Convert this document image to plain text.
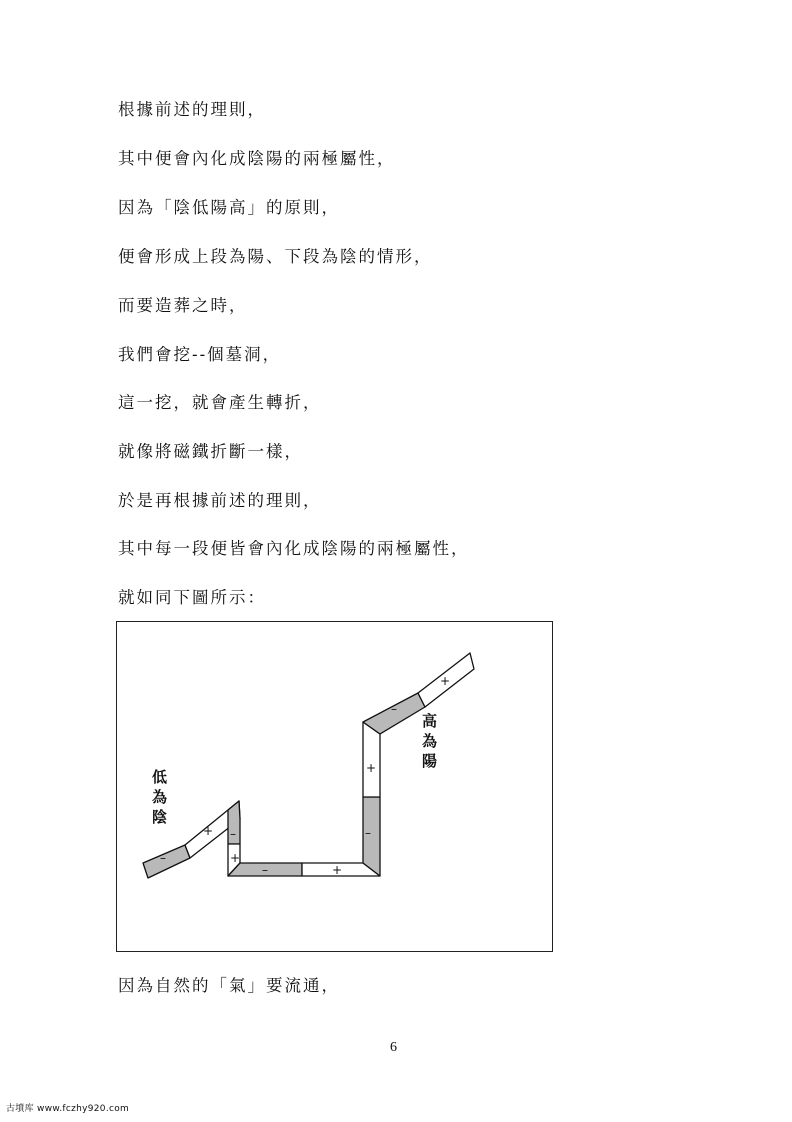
根據前述的理則，
其中便會內化成陰陽的兩極屬性，
因為「陰低陽高」的原則，
便會形成上段為陽、下段為陰的情形，
而要造葬之時，
我們會挖--個墓洞，
這一挖，就會產生轉折，
就像將磁鐵折斷一樣，
於是再根據前述的理則，
其中每一段便皆會內化成陰陽的兩極屬性，
就如同下圖所示：
–
+ –
+
–	+
–
+
–
+
低
為
陰
高
為
陽
因為自然的「氣」要流通，
6
古墳库 www.fczhy920.com
